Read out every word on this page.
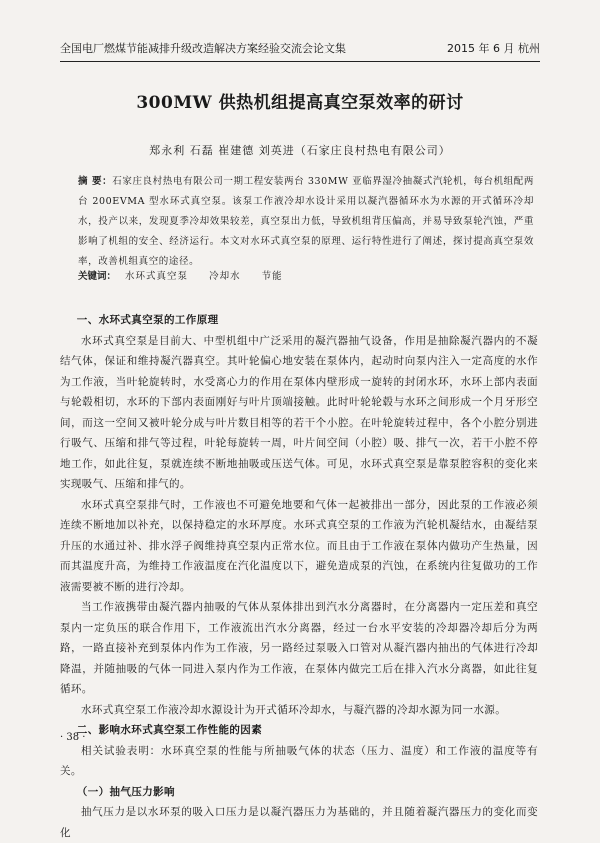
全国电厂燃煤节能减排升级改造解决方案经验交流会论文集	2015 年 6 月 杭州
300MW 供热机组提高真空泵效率的研讨
郑永利 石磊 崔建德 刘英进（石家庄良村热电有限公司）
摘 要：石家庄良村热电有限公司一期工程安装两台 330MW 亚临界湿冷抽凝式汽轮机，每台机组配两台 200EVMA 型水环式真空泵。该泵工作液冷却水设计采用以凝汽器循环水为水源的开式循环冷却水，投产以来，发现夏季冷却效果较差，真空泵出力低，导致机组背压偏高，并易导致泵轮汽蚀，严重影响了机组的安全、经济运行。本文对水环式真空泵的原理、运行特性进行了阐述，探讨提高真空泵效率，改善机组真空的途径。
关键词： 水环式真空泵 冷却水 节能
一、水环式真空泵的工作原理

水环式真空泵是目前大、中型机组中广泛采用的凝汽器抽气设备，作用是抽除凝汽器内的不凝结气体，保证和维持凝汽器真空。其叶轮偏心地安装在泵体内，起动时向泵内注入一定高度的水作为工作液，当叶轮旋转时，水受离心力的作用在泵体内壁形成一旋转的封闭水环，水环上部内表面与轮毂相切，水环的下部内表面刚好与叶片顶端接触。此时叶轮轮毂与水环之间形成一个月牙形空间，而这一空间又被叶轮分成与叶片数目相等的若干个小腔。在叶轮旋转过程中，各个小腔分别进行吸气、压缩和排气等过程，叶轮每旋转一周，叶片间空间（小腔）吸、排气一次，若干小腔不停地工作，如此往复，泵就连续不断地抽吸或压送气体。可见，水环式真空泵是靠泵腔容积的变化来实现吸气、压缩和排气的。

水环式真空泵排气时，工作液也不可避免地要和气体一起被排出一部分，因此泵的工作液必须连续不断地加以补充，以保持稳定的水环厚度。水环式真空泵的工作液为汽轮机凝结水，由凝结泵升压的水通过补、排水浮子阀维持真空泵内正常水位。而且由于工作液在泵体内做功产生热量，因而其温度升高，为维持工作液温度在汽化温度以下，避免造成泵的汽蚀，在系统内往复做功的工作液需要被不断的进行冷却。

当工作液携带由凝汽器内抽吸的气体从泵体排出到汽水分离器时，在分离器内一定压差和真空泵内一定负压的联合作用下，工作液流出汽水分离器，经过一台水平安装的冷却器冷却后分为两路，一路直接补充到泵体内作为工作液，另一路经过泵吸入口管对从凝汽器内抽出的气体进行冷却降温，并随抽吸的气体一同进入泵内作为工作液，在泵体内做完工后在排入汽水分离器，如此往复循环。

水环式真空泵工作液冷却水源设计为开式循环冷却水，与凝汽器的冷却水源为同一水源。

二、影响水环式真空泵工作性能的因素

相关试验表明：水环真空泵的性能与所抽吸气体的状态（压力、温度）和工作液的温度等有关。

（一）抽气压力影响

抽气压力是以水环泵的吸入口压力是以凝汽器压力为基础的，并且随着凝汽器压力的变化而变化

· 38 ·
